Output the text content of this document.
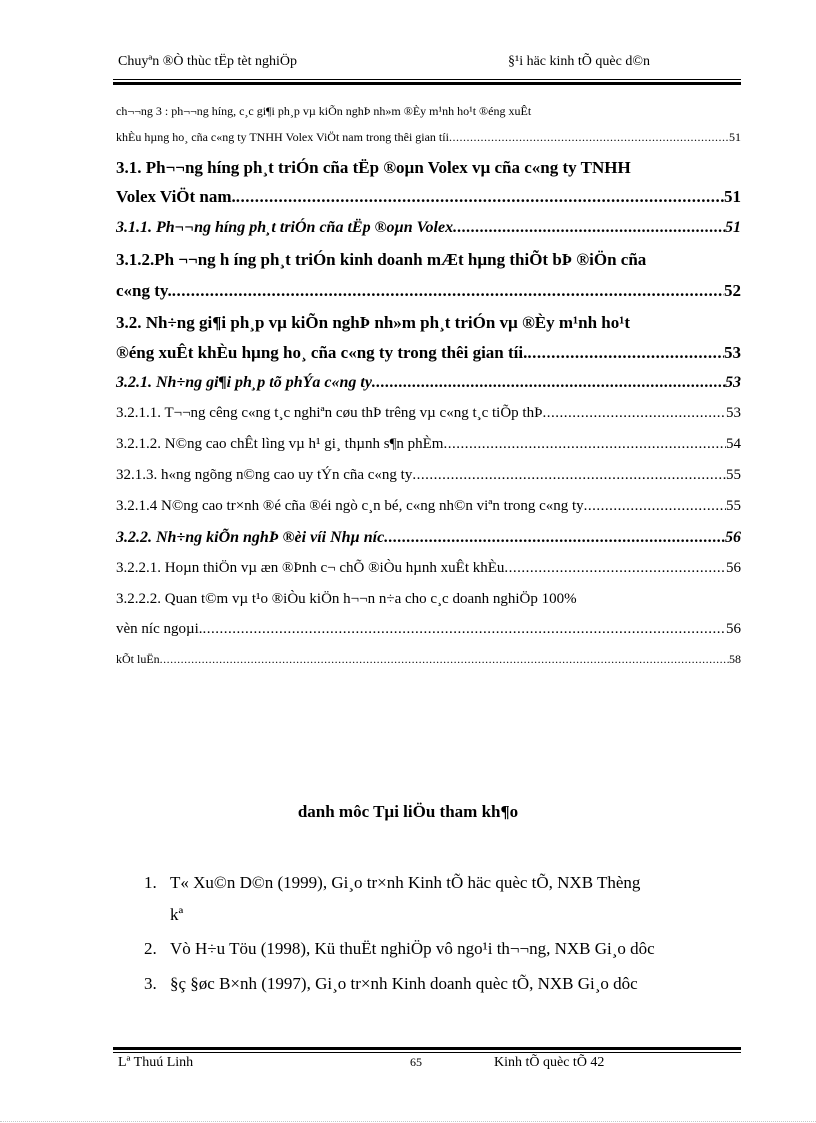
Chuyªn ®Ò thùc tËp tèt nghiÖp	§¹i häc kinh tÕ quèc d©n
ch¬¬ng 3 : ph¬¬ng híng, c¸c gi¶i ph¸p vµ kiÕn nghÞ nh»m ®Èy m¹nh ho¹t ®éng xuÊt
khÈu hµng ho¸ cña c«ng ty TNHH Volex ViÖt nam trong thêi gian tíi .....	51
3.1. Ph¬¬ng híng ph¸t triÓn cña tËp ®oµn Volex vµ cña c«ng ty TNHH
Volex ViÖt nam. .....	51
3.1.1. Ph¬¬ng híng ph¸t triÓn cña tËp ®oµn Volex .....	51
3.1.2.Ph ¬¬ng h íng ph¸t triÓn kinh doanh mÆt hµng thiÕt bÞ ®iÖn cña
c«ng ty. .....	52
3.2. Nh÷ng gi¶i ph¸p vµ kiÕn nghÞ nh»m ph¸t triÓn vµ ®Èy m¹nh ho¹t
®éng xuÊt khÈu hµng ho¸ cña c«ng ty trong thêi gian tíi. .....	53
3.2.1. Nh÷ng gi¶i ph¸p tõ phÝa c«ng ty .....	53
3.2.1.1. T¬¬ng cêng c«ng t¸c nghiªn cøu thÞ trêng vµ c«ng t¸c tiÕp thÞ .....	53
3.2.1.2. N©ng cao chÊt lìng vµ h¹ gi¸ thµnh s¶n phÈm .....	54
32.1.3. h«ng ngõng n©ng cao uy tÝn cña c«ng ty .....	55
3.2.1.4 N©ng cao tr×nh ®é cña ®éi ngò c¸n bé, c«ng nh©n viªn trong c«ng ty .....	55
3.2.2. Nh÷ng kiÕn nghÞ ®èi víi Nhµ níc .....	56
3.2.2.1. Hoµn thiÖn vµ æn ®Þnh c¬ chÕ ®iÒu hµnh xuÊt khÈu .....	56
3.2.2.2. Quan t©m vµ t¹o ®iÒu kiÖn h¬¬n n÷a cho c¸c doanh nghiÖp 100%
vèn níc ngoµi. .....	56
kÕt luËn .....	58
danh môc Tµi liÖu tham kh¶o
1. T« Xu©n D©n (1999), Gi¸o tr×nh Kinh tÕ häc quèc tÕ, NXB Thèng
kª
2. Vò H÷u Töu (1998), Kü thuËt nghiÖp vô ngo¹i th¬¬ng, NXB Gi¸o dôc
3. §ç §øc B×nh (1997), Gi¸o tr×nh Kinh doanh quèc tÕ, NXB Gi¸o dôc
Lª Thuú Linh	65	Kinh tÕ quèc tÕ 42
